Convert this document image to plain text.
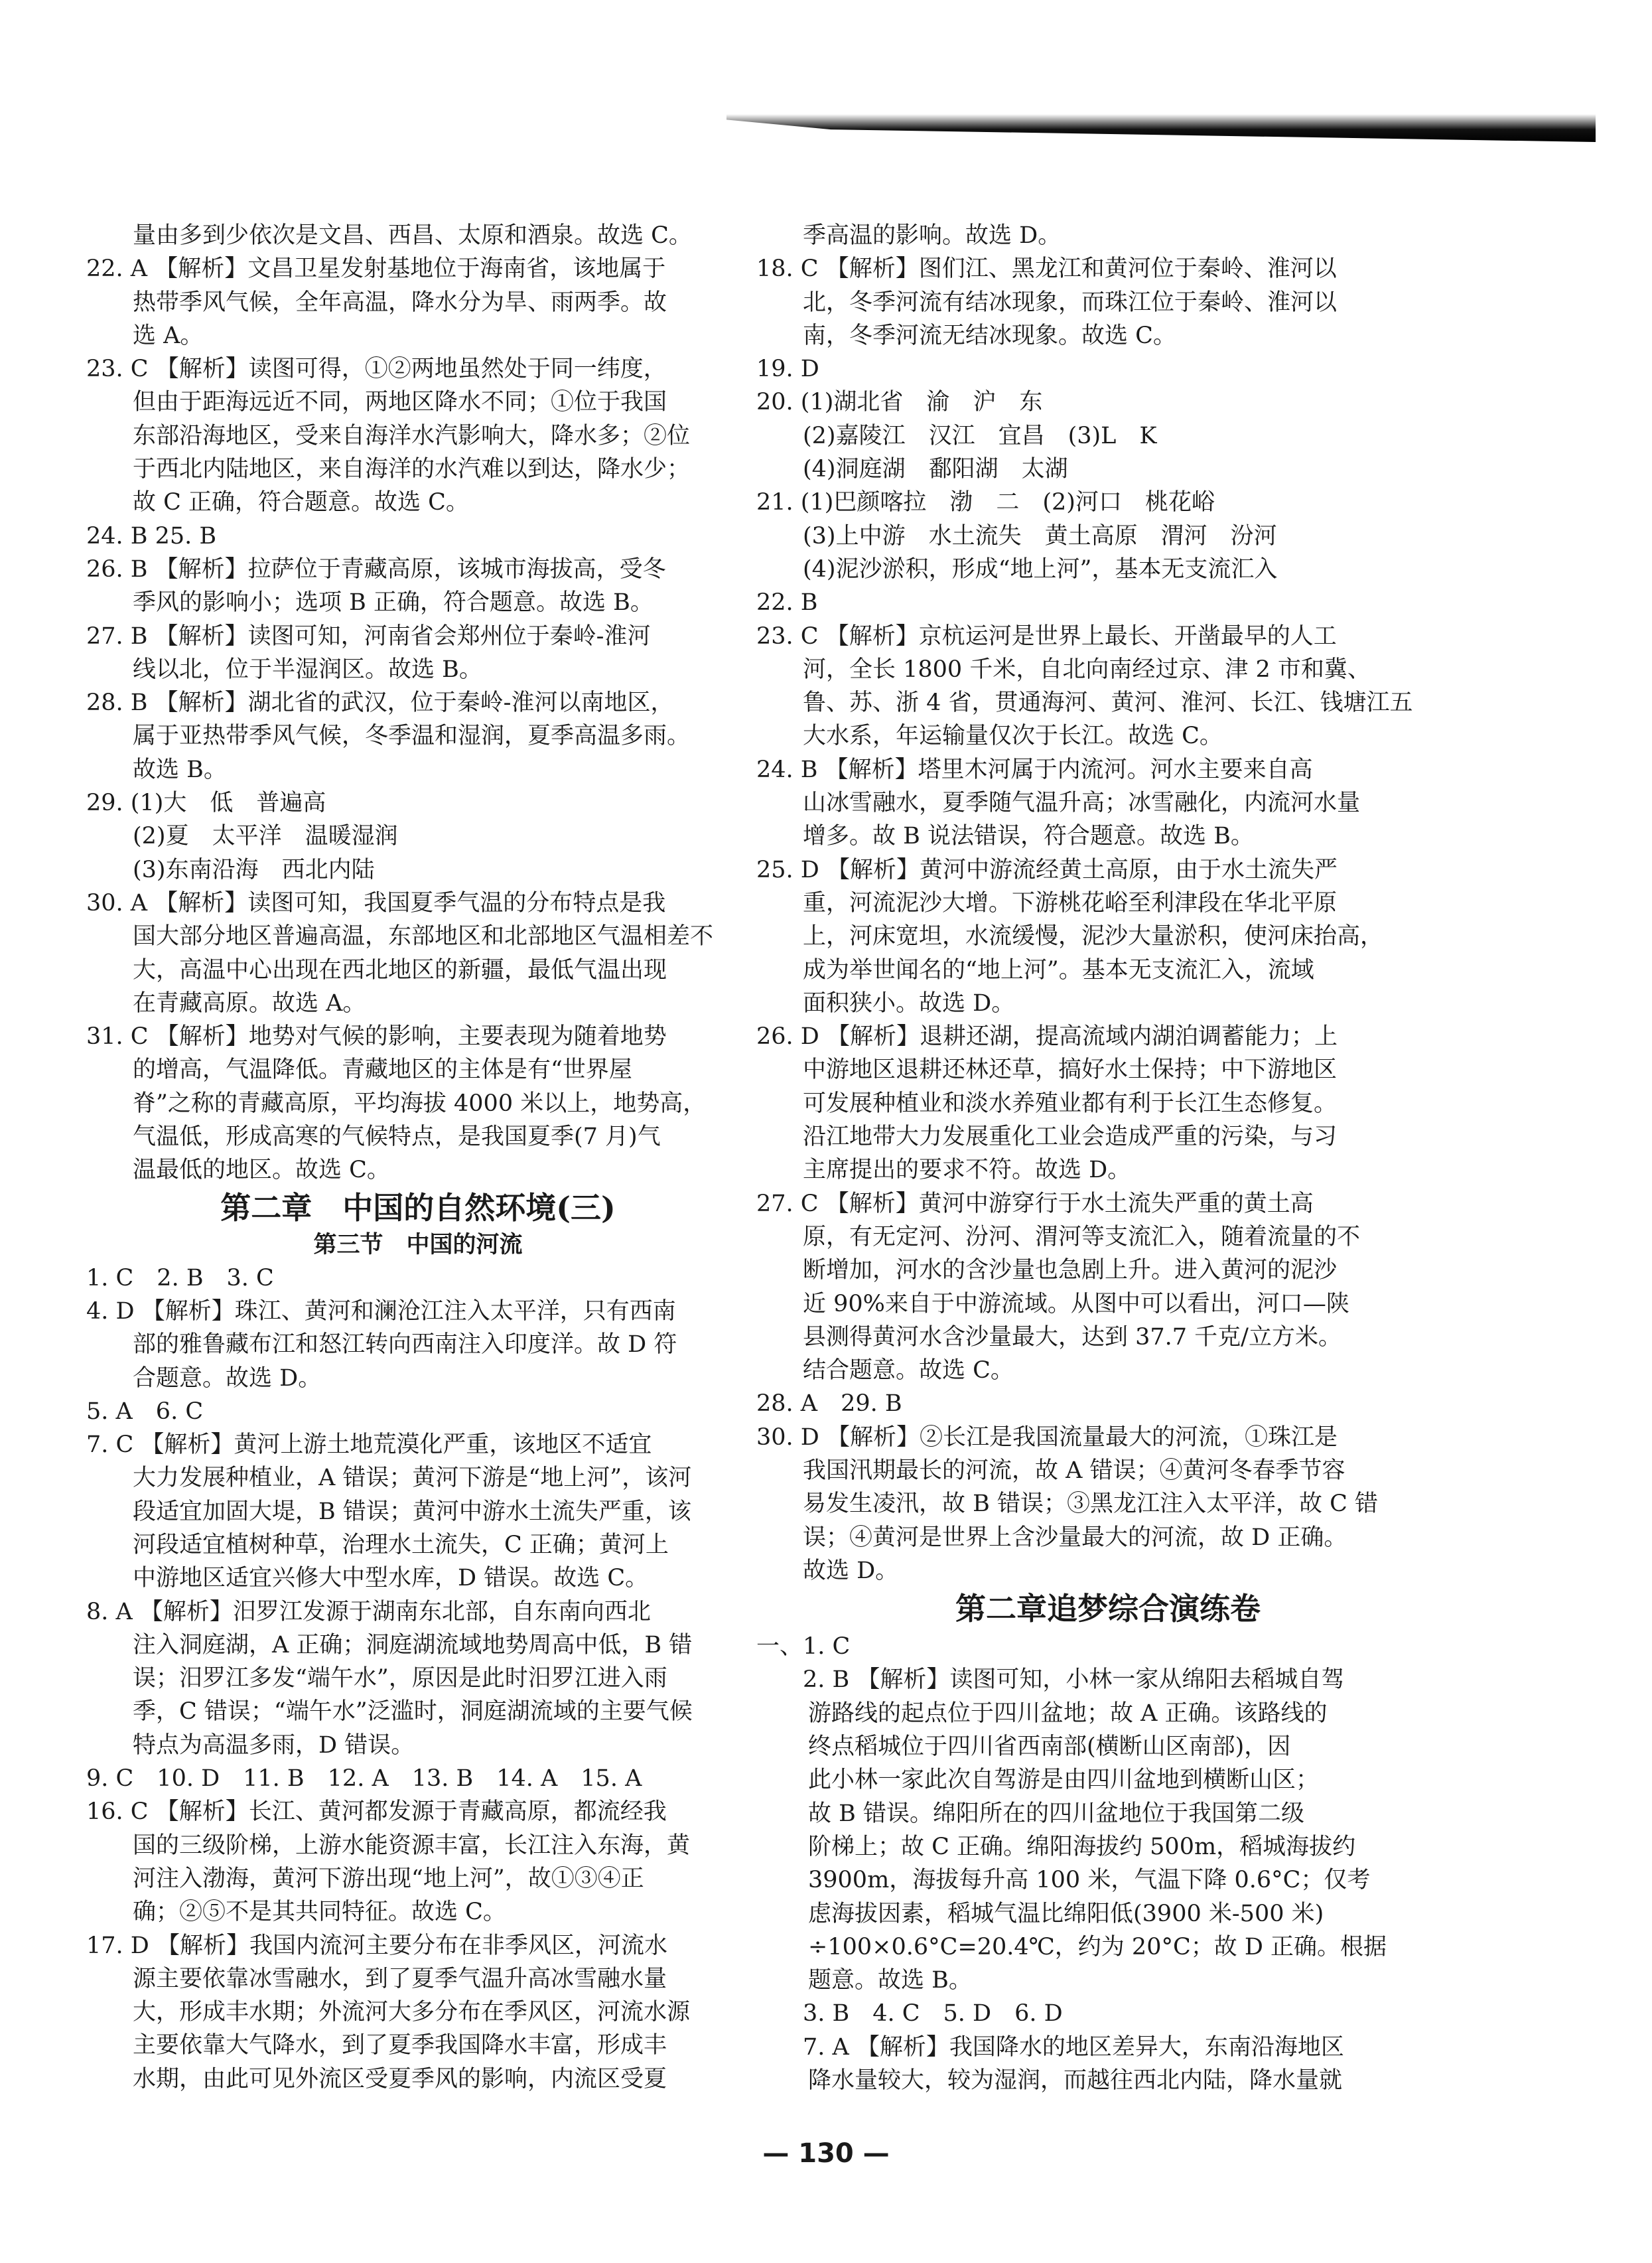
量由多到少依次是文昌、西昌、太原和酒泉。故选 C。
22. A 【解析】文昌卫星发射基地位于海南省，该地属于
热带季风气候，全年高温，降水分为旱、雨两季。故
选 A。
23. C 【解析】读图可得，①②两地虽然处于同一纬度，
但由于距海远近不同，两地区降水不同；①位于我国
东部沿海地区，受来自海洋水汽影响大，降水多；②位
于西北内陆地区，来自海洋的水汽难以到达，降水少；
故 C 正确，符合题意。故选 C。
24. B 25. B
26. B 【解析】拉萨位于青藏高原，该城市海拔高，受冬
季风的影响小；选项 B 正确，符合题意。故选 B。
27. B 【解析】读图可知，河南省会郑州位于秦岭-淮河
线以北，位于半湿润区。故选 B。
28. B 【解析】湖北省的武汉，位于秦岭-淮河以南地区，
属于亚热带季风气候，冬季温和湿润，夏季高温多雨。
故选 B。
29. (1)大　低　普遍高
(2)夏　太平洋　温暖湿润
(3)东南沿海　西北内陆
30. A 【解析】读图可知，我国夏季气温的分布特点是我
国大部分地区普遍高温，东部地区和北部地区气温相差不
大，高温中心出现在西北地区的新疆，最低气温出现
在青藏高原。故选 A。
31. C 【解析】地势对气候的影响，主要表现为随着地势
的增高，气温降低。青藏地区的主体是有“世界屋
脊”之称的青藏高原，平均海拔 4000 米以上，地势高，
气温低，形成高寒的气候特点，是我国夏季(7 月)气
温最低的地区。故选 C。
第二章　中国的自然环境(三)
第三节　中国的河流
1. C　2. B　3. C
4. D 【解析】珠江、黄河和澜沧江注入太平洋，只有西南
部的雅鲁藏布江和怒江转向西南注入印度洋。故 D 符
合题意。故选 D。
5. A　6. C
7. C 【解析】黄河上游土地荒漠化严重，该地区不适宜
大力发展种植业，A 错误；黄河下游是“地上河”，该河
段适宜加固大堤，B 错误；黄河中游水土流失严重，该
河段适宜植树种草，治理水土流失，C 正确；黄河上
中游地区适宜兴修大中型水库，D 错误。故选 C。
8. A 【解析】汨罗江发源于湖南东北部，自东南向西北
注入洞庭湖，A 正确；洞庭湖流域地势周高中低，B 错
误；汨罗江多发“端午水”，原因是此时汨罗江进入雨
季，C 错误；“端午水”泛滥时，洞庭湖流域的主要气候
特点为高温多雨，D 错误。
9. C　10. D　11. B　12. A　13. B　14. A　15. A
16. C 【解析】长江、黄河都发源于青藏高原，都流经我
国的三级阶梯，上游水能资源丰富，长江注入东海，黄
河注入渤海，黄河下游出现“地上河”，故①③④正
确；②⑤不是其共同特征。故选 C。
17. D 【解析】我国内流河主要分布在非季风区，河流水
源主要依靠冰雪融水，到了夏季气温升高冰雪融水量
大，形成丰水期；外流河大多分布在季风区，河流水源
主要依靠大气降水，到了夏季我国降水丰富，形成丰
水期，由此可见外流区受夏季风的影响，内流区受夏
季高温的影响。故选 D。
18. C 【解析】图们江、黑龙江和黄河位于秦岭、淮河以
北，冬季河流有结冰现象，而珠江位于秦岭、淮河以
南，冬季河流无结冰现象。故选 C。
19. D
20. (1)湖北省　渝　沪　东
(2)嘉陵江　汉江　宜昌　(3)L　K
(4)洞庭湖　鄱阳湖　太湖
21. (1)巴颜喀拉　渤　二　(2)河口　桃花峪
(3)上中游　水土流失　黄土高原　渭河　汾河
(4)泥沙淤积，形成“地上河”，基本无支流汇入
22. B
23. C 【解析】京杭运河是世界上最长、开凿最早的人工
河，全长 1800 千米，自北向南经过京、津 2 市和冀、
鲁、苏、浙 4 省，贯通海河、黄河、淮河、长江、钱塘江五
大水系，年运输量仅次于长江。故选 C。
24. B 【解析】塔里木河属于内流河。河水主要来自高
山冰雪融水，夏季随气温升高；冰雪融化，内流河水量
增多。故 B 说法错误，符合题意。故选 B。
25. D 【解析】黄河中游流经黄土高原，由于水土流失严
重，河流泥沙大增。下游桃花峪至利津段在华北平原
上，河床宽坦，水流缓慢，泥沙大量淤积，使河床抬高，
成为举世闻名的“地上河”。基本无支流汇入，流域
面积狭小。故选 D。
26. D 【解析】退耕还湖，提高流域内湖泊调蓄能力；上
中游地区退耕还林还草，搞好水土保持；中下游地区
可发展种植业和淡水养殖业都有利于长江生态修复。
沿江地带大力发展重化工业会造成严重的污染，与习
主席提出的要求不符。故选 D。
27. C 【解析】黄河中游穿行于水土流失严重的黄土高
原，有无定河、汾河、渭河等支流汇入，随着流量的不
断增加，河水的含沙量也急剧上升。进入黄河的泥沙
近 90%来自于中游流域。从图中可以看出，河口—陕
县测得黄河水含沙量最大，达到 37.7 千克/立方米。
结合题意。故选 C。
28. A　29. B
30. D 【解析】②长江是我国流量最大的河流，①珠江是
我国汛期最长的河流，故 A 错误；④黄河冬春季节容
易发生凌汛，故 B 错误；③黑龙江注入太平洋，故 C 错
误；④黄河是世界上含沙量最大的河流，故 D 正确。
故选 D。
第二章追梦综合演练卷
一、1. C
2. B 【解析】读图可知，小林一家从绵阳去稻城自驾
游路线的起点位于四川盆地；故 A 正确。该路线的
终点稻城位于四川省西南部(横断山区南部)，因
此小林一家此次自驾游是由四川盆地到横断山区；
故 B 错误。绵阳所在的四川盆地位于我国第二级
阶梯上；故 C 正确。绵阳海拔约 500m，稻城海拔约
3900m，海拔每升高 100 米，气温下降 0.6°C；仅考
虑海拔因素，稻城气温比绵阳低(3900 米-500 米)
÷100×0.6°C=20.4℃，约为 20°C；故 D 正确。根据
题意。故选 B。
3. B　4. C　5. D　6. D
7. A 【解析】我国降水的地区差异大，东南沿海地区
降水量较大，较为湿润，而越往西北内陆，降水量就
— 130 —
